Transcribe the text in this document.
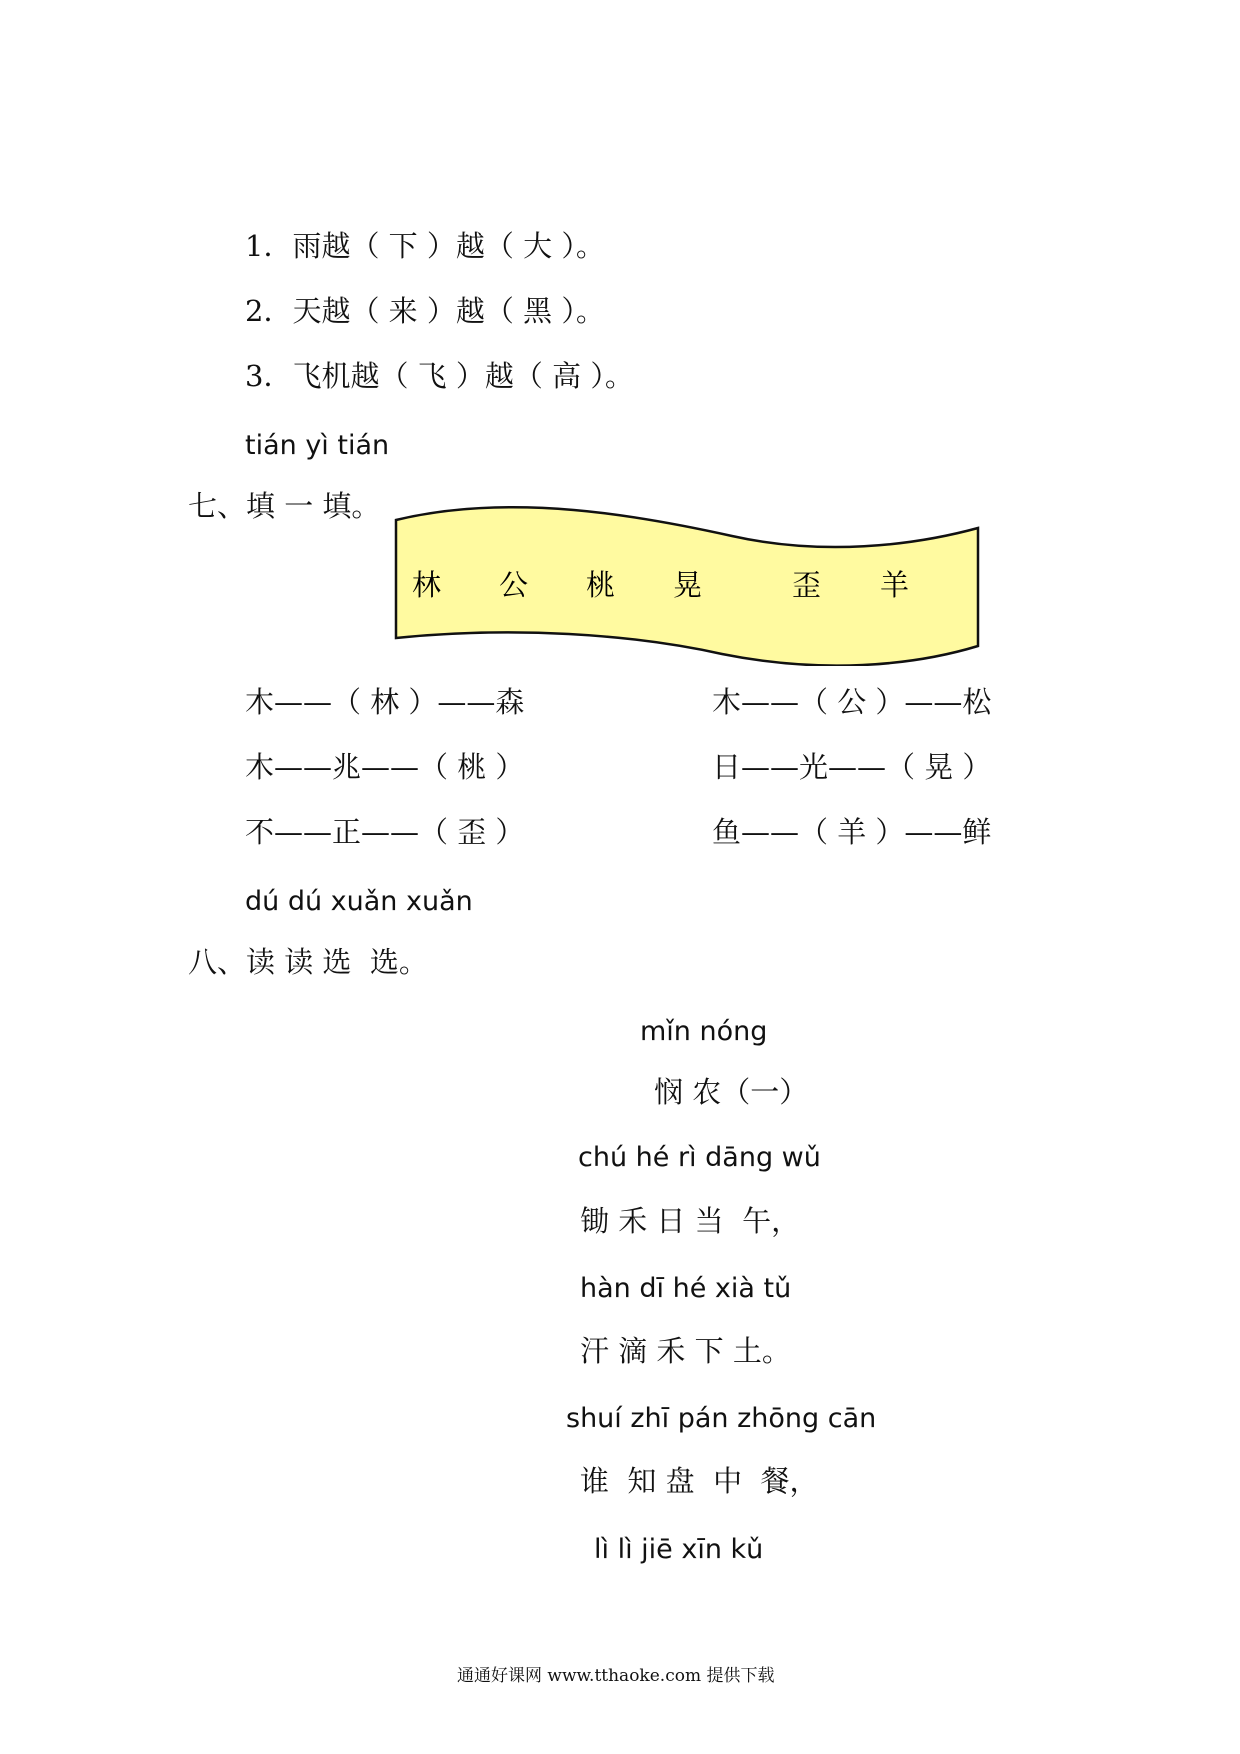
1．雨越（ 下 ）越（ 大 ）。
2．天越（ 来 ）越（ 黑 ）。
3．飞机越（ 飞 ）越（ 高 ）。
tián yì tián
七、填 一 填。
林 公 桃 晃	歪 羊
木——（ 林 ）——森	木——（ 公 ）——松
木——兆——（ 桃 ）	日——光——（ 晃 ）
不——正——（ 歪 ）	鱼——（ 羊 ）——鲜
dú dú xuǎn xuǎn
八、读 读 选  选。
mǐn nóng
悯 农（一）
chú hé rì dāng wǔ
锄 禾 日 当  午，
hàn dī hé xià tǔ
汗 滴 禾 下 土。
shuí zhī pán zhōng cān
谁  知 盘  中  餐，
lì lì jiē xīn kǔ
通通好课网 www.tthaoke.com 提供下载
